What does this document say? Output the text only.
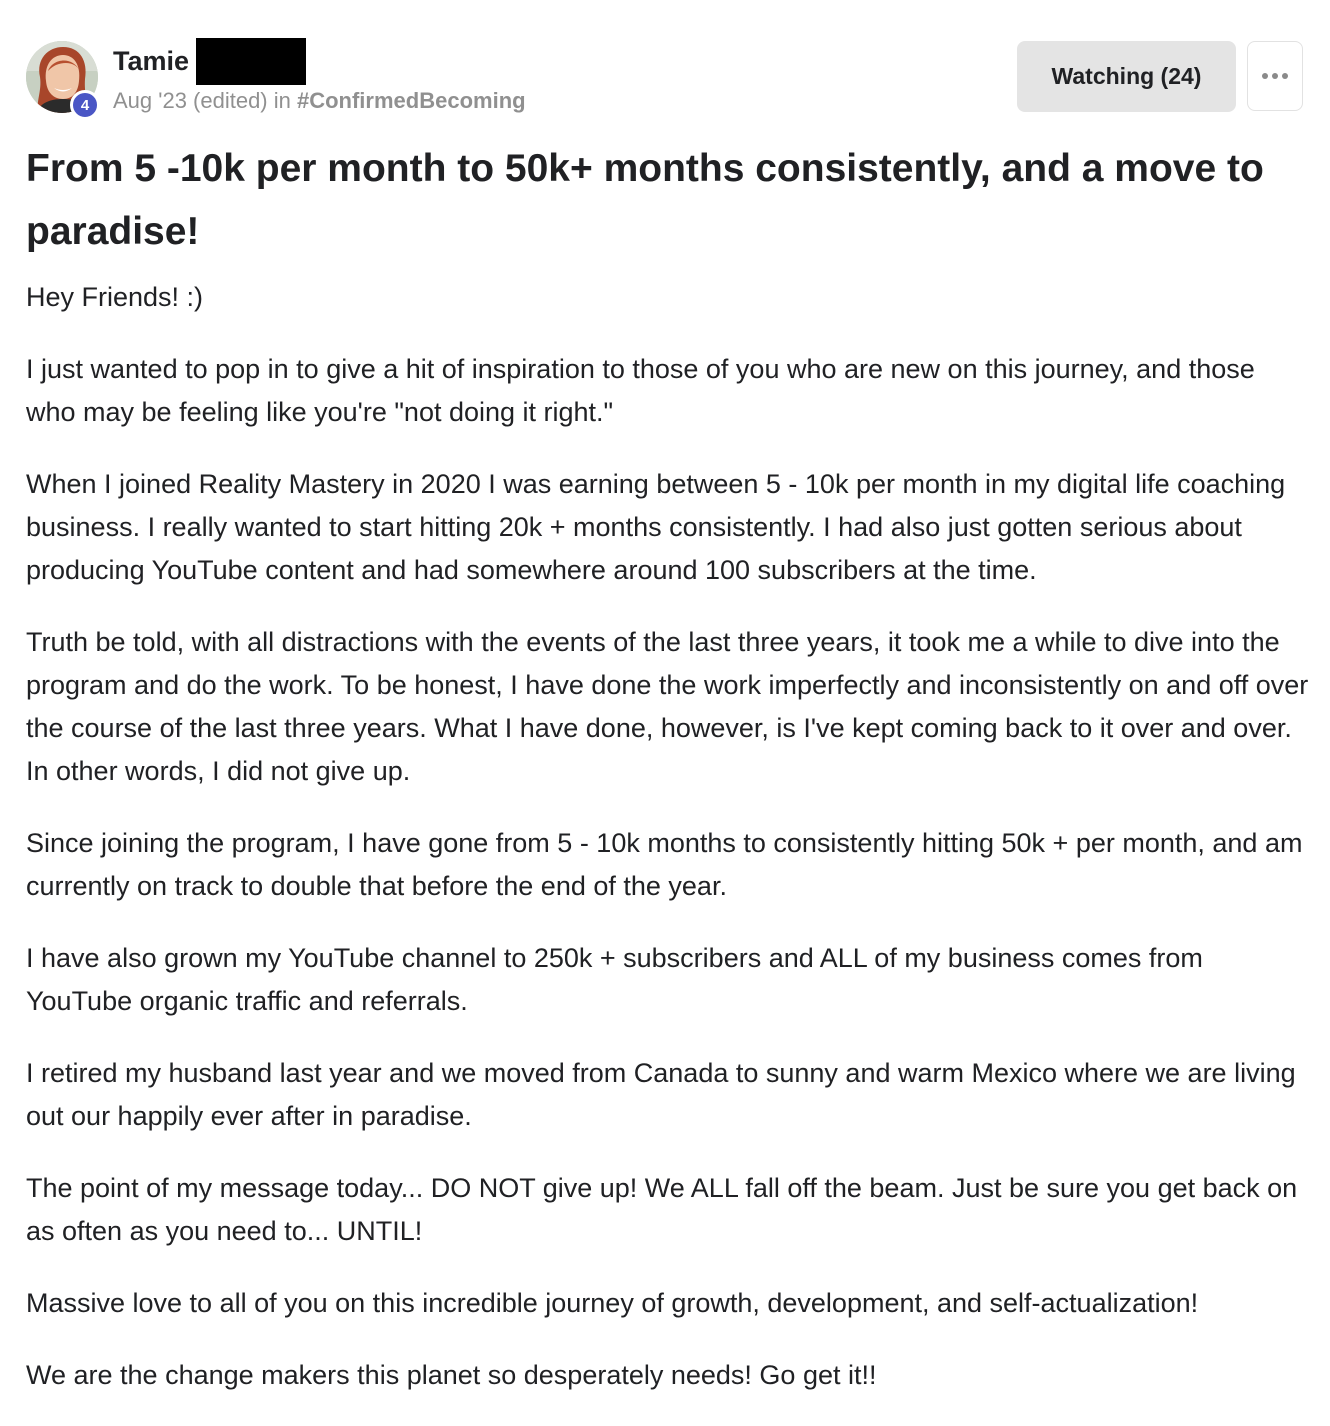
4
Tamie
Aug '23 (edited) in #ConfirmedBecoming
Watching (24)
From 5 -10k per month to 50k+ months consistently, and a move to paradise!

Hey Friends! :)

I just wanted to pop in to give a hit of inspiration to those of you who are new on this journey, and those who may be feeling like you're "not doing it right."

When I joined Reality Mastery in 2020 I was earning between 5 - 10k per month in my digital life coaching business. I really wanted to start hitting 20k + months consistently. I had also just gotten serious about producing YouTube content and had somewhere around 100 subscribers at the time.

Truth be told, with all distractions with the events of the last three years, it took me a while to dive into the program and do the work. To be honest, I have done the work imperfectly and inconsistently on and off over the course of the last three years. What I have done, however, is I've kept coming back to it over and over. In other words, I did not give up.

Since joining the program, I have gone from 5 - 10k months to consistently hitting 50k + per month, and am currently on track to double that before the end of the year.

I have also grown my YouTube channel to 250k + subscribers and ALL of my business comes from YouTube organic traffic and referrals.

I retired my husband last year and we moved from Canada to sunny and warm Mexico where we are living out our happily ever after in paradise.

The point of my message today... DO NOT give up! We ALL fall off the beam. Just be sure you get back on as often as you need to... UNTIL!

Massive love to all of you on this incredible journey of growth, development, and self-actualization!

We are the change makers this planet so desperately needs! Go get it!!
